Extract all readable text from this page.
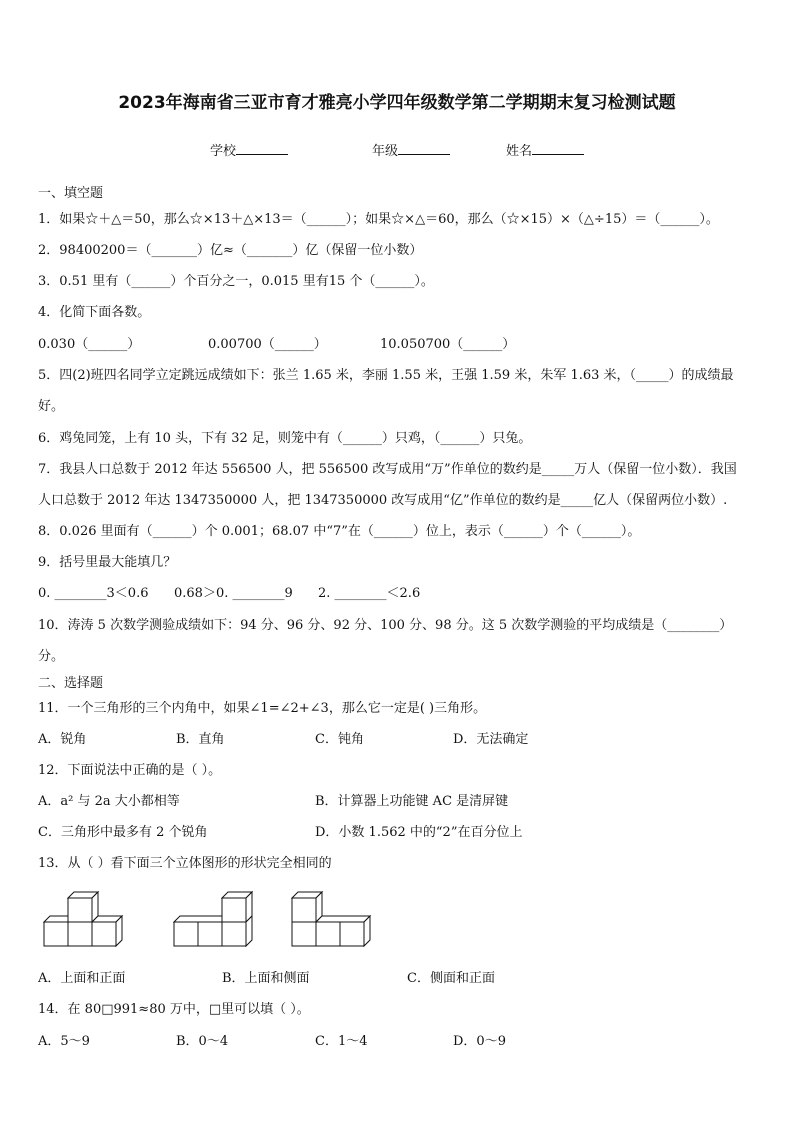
2023年海南省三亚市育才雅亮小学四年级数学第二学期期末复习检测试题
学校	年级	姓名
一、填空题
1．如果☆＋△＝50，那么☆×13＋△×13＝（______）；如果☆×△＝60，那么（☆×15）×（△÷15）＝（______）。
2．98400200＝（_______）亿≈（_______）亿（保留一位小数）
3．0.51 里有（______）个百分之一，0.015 里有15 个（______）。
4．化简下面各数。
0.030（______）	0.00700（______）	10.050700（______）
5．四(2)班四名同学立定跳远成绩如下：张兰 1.65 米，李丽 1.55 米，王强 1.59 米，朱军 1.63 米，（_____）的成绩最
好。
6．鸡兔同笼，上有 10 头，下有 32 足，则笼中有（______）只鸡，（______）只兔。
7．我县人口总数于 2012 年达 556500 人，把 556500 改写成用“万”作单位的数约是_____万人（保留一位小数）．我国
人口总数于 2012 年达 1347350000 人，把 1347350000 改写成用“亿”作单位的数约是_____亿人（保留两位小数）.
8．0.026 里面有（______）个 0.001；68.07 中“7”在（______）位上，表示（______）个（______）。
9．括号里最大能填几？
0. ________3＜0.6 0.68＞0. ________9 2. ________＜2.6
10．涛涛 5 次数学测验成绩如下：94 分、96 分、92 分、100 分、98 分。这 5 次数学测验的平均成绩是（________）
分。
二、选择题
11．一个三角形的三个内角中，如果∠1=∠2+∠3，那么它一定是( )三角形。
A．锐角	B．直角	C．钝角	D．无法确定
12．下面说法中正确的是（ ）。
A．a² 与 2a 大小都相等	B．计算器上功能键 AC 是清屏键
C．三角形中最多有 2 个锐角	D．小数 1.562 中的“2”在百分位上
13．从（ ）看下面三个立体图形的形状完全相同的
A．上面和正面	B．上面和侧面	C．侧面和正面
14．在 80□991≈80 万中，□里可以填（ ）。
A．5～9	B．0～4	C．1～4	D．0～9
